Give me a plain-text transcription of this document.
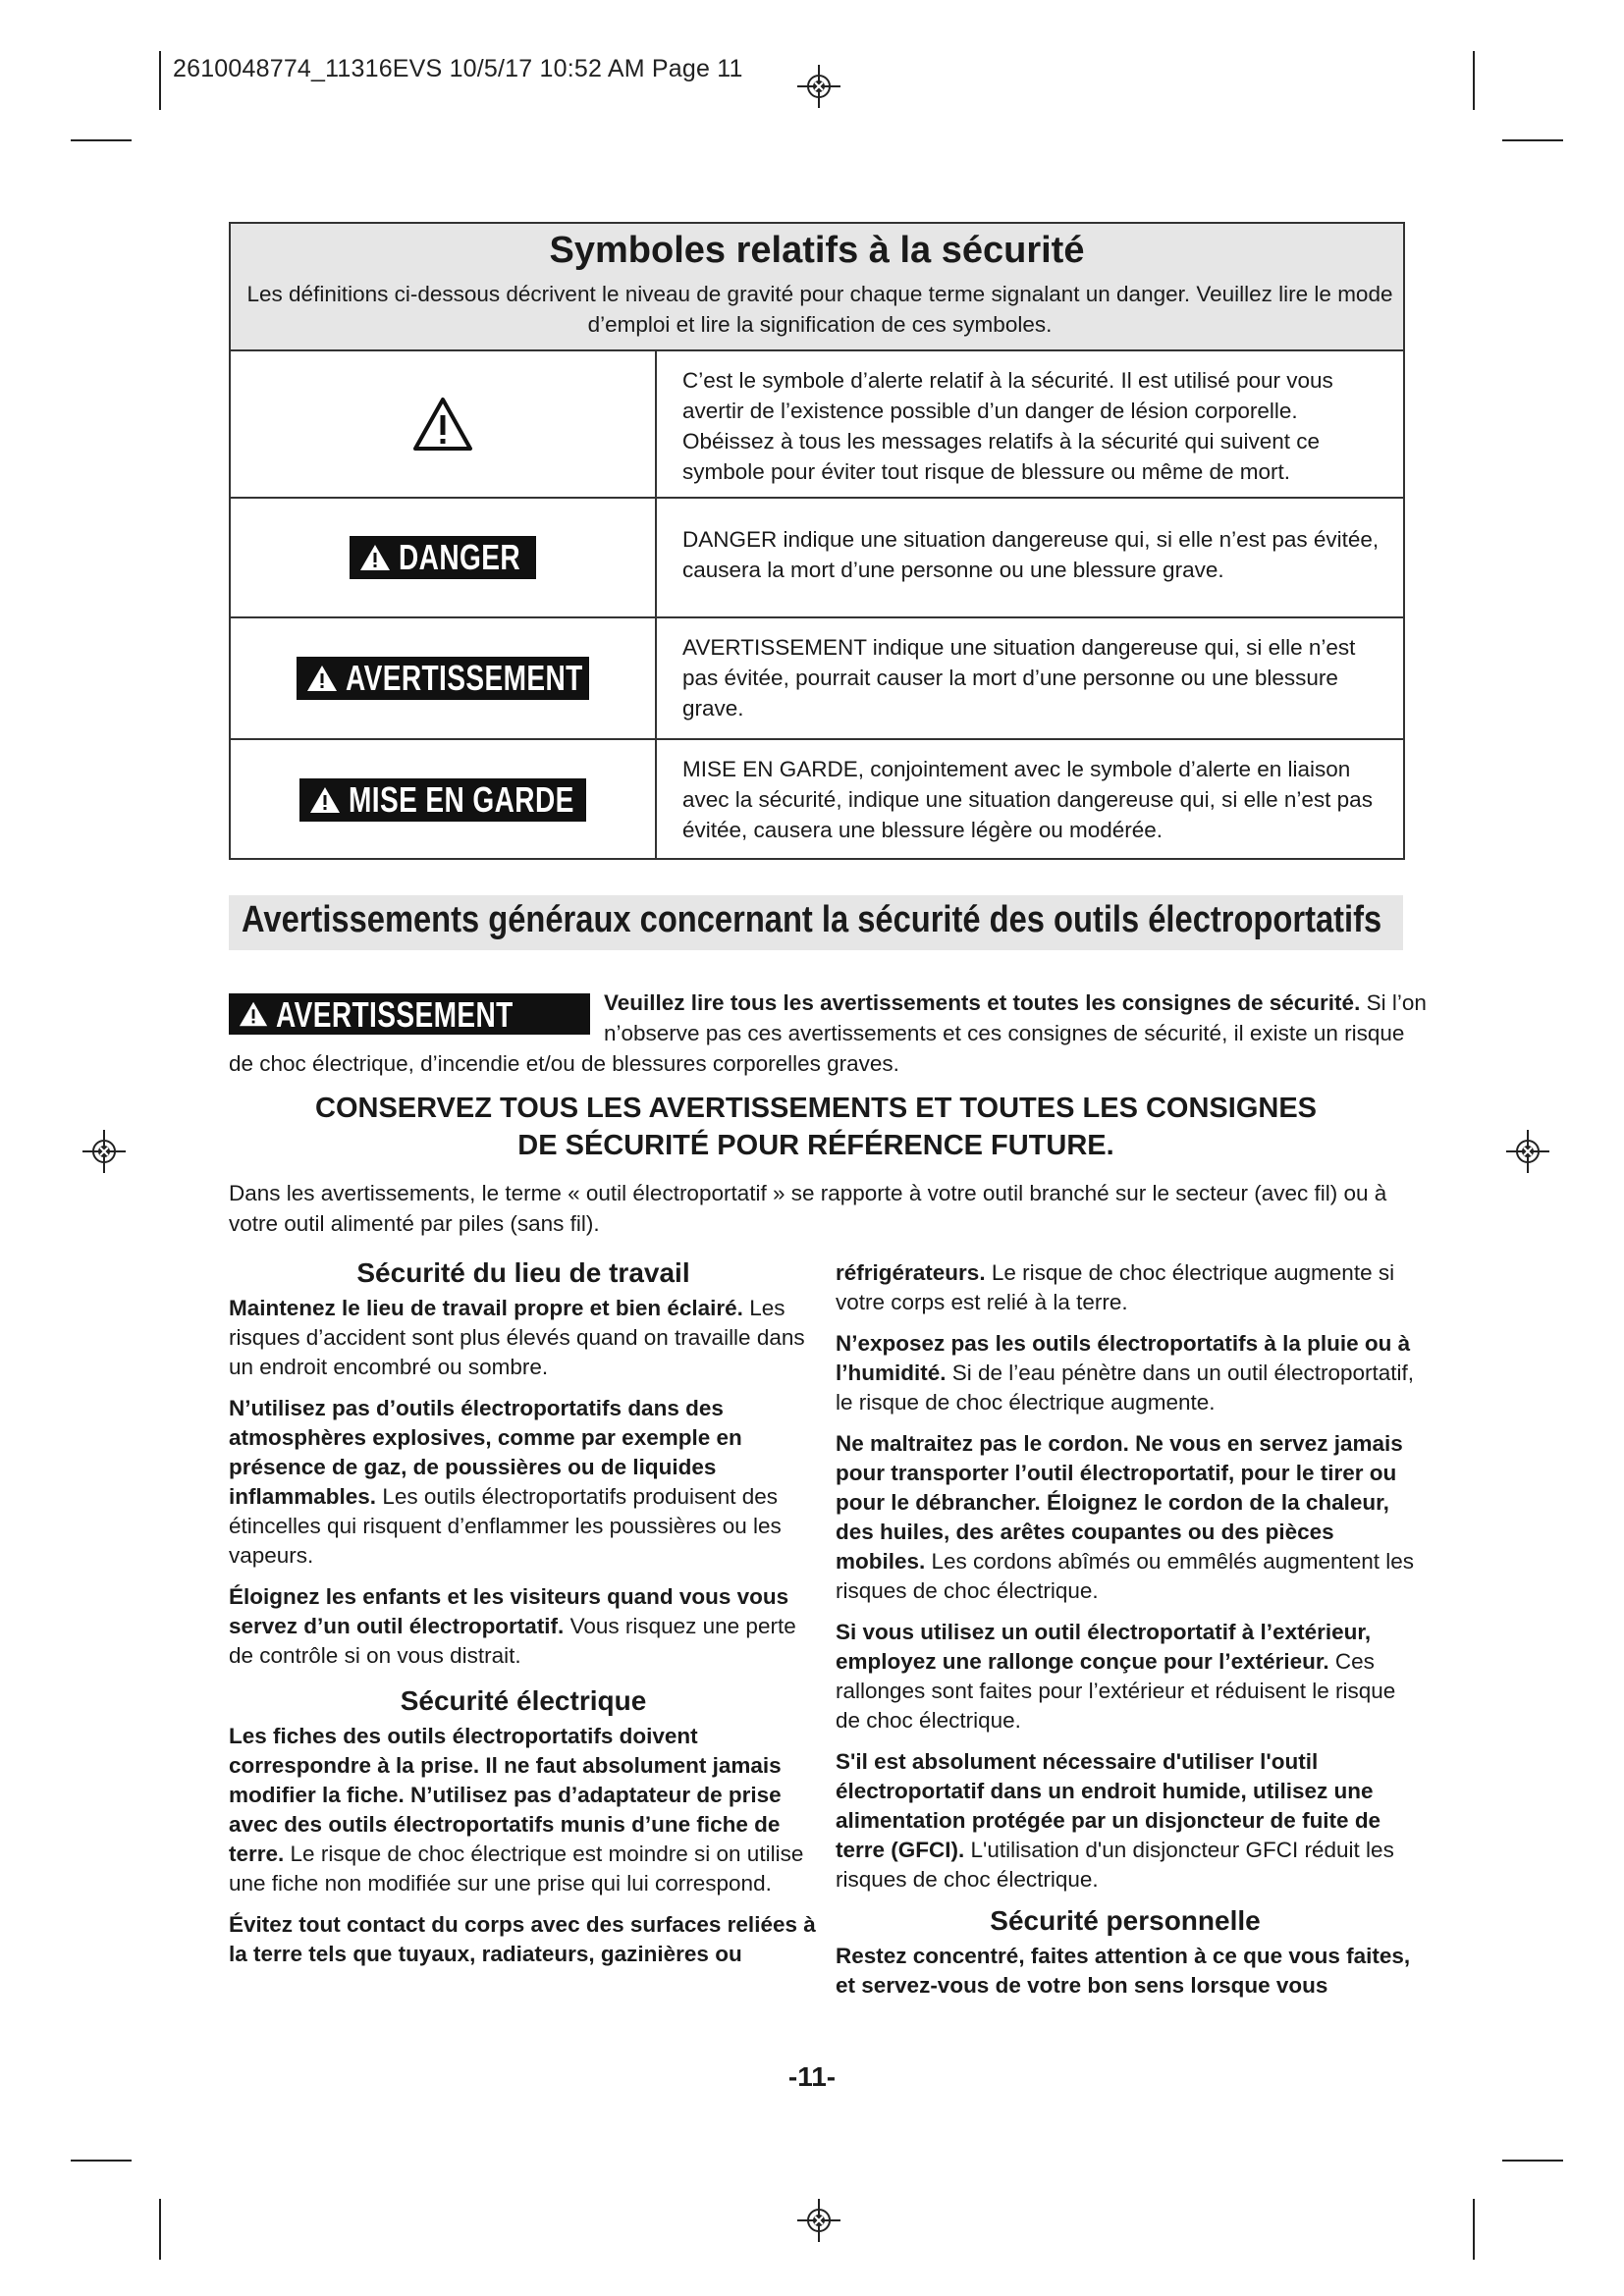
2610048774_11316EVS 10/5/17 10:52 AM Page 11
Symboles relatifs à la sécurité
Les définitions ci-dessous décrivent le niveau de gravité pour chaque terme signalant un danger. Veuillez lire le mode d’emploi et lire la signification de ces symboles.
C’est le symbole d’alerte relatif à la sécurité. Il est utilisé pour vous avertir de l’existence possible d’un danger de lésion corporelle. Obéissez à tous les messages relatifs à la sécurité qui suivent ce symbole pour éviter tout risque de blessure ou même de mort.
DANGER	DANGER indique une situation dangereuse qui, si elle n’est pas évitée, causera la mort d’une personne ou une blessure grave.
AVERTISSEMENT
AVERTISSEMENT indique une situation dangereuse qui, si elle n’est pas évitée, pourrait causer la mort d’une personne ou une blessure grave.
MISE EN GARDE
MISE EN GARDE, conjointement avec le symbole d’alerte en liaison avec la sécurité, indique une situation dangereuse qui, si elle n’est pas évitée, causera une blessure légère ou modérée.
Avertissements généraux concernant la sécurité des outils électroportatifs
AVERTISSEMENT	Veuillez lire tous les avertissements et toutes les consignes de sécurité. Si l’on n’observe pas ces avertissements et ces consignes de sécurité, il existe un risque de choc électrique, d’incendie et/ou de blessures corporelles graves.
CONSERVEZ TOUS LES AVERTISSEMENTS ET TOUTES LES CONSIGNES
DE SÉCURITÉ POUR RÉFÉRENCE FUTURE.
Dans les avertissements, le terme « outil électroportatif » se rapporte à votre outil branché sur le secteur (avec fil) ou à votre outil alimenté par piles (sans fil).
Sécurité du lieu de travail

Maintenez le lieu de travail propre et bien éclairé. Les risques d’accident sont plus élevés quand on travaille dans un endroit encombré ou sombre.

N’utilisez pas d’outils électroportatifs dans des atmosphères explosives, comme par exemple en présence de gaz, de poussières ou de liquides inflammables. Les outils électroportatifs produisent des étincelles qui risquent d’enflammer les poussières ou les vapeurs.

Éloignez les enfants et les visiteurs quand vous vous servez d’un outil électroportatif. Vous risquez une perte de contrôle si on vous distrait.

Sécurité électrique

Les fiches des outils électroportatifs doivent correspondre à la prise. Il ne faut absolument jamais modifier la fiche. N’utilisez pas d’adaptateur de prise avec des outils électroportatifs munis d’une fiche de terre. Le risque de choc électrique est moindre si on utilise une fiche non modifiée sur une prise qui lui correspond.

Évitez tout contact du corps avec des surfaces reliées à la terre tels que tuyaux, radiateurs, gazinières ou

réfrigérateurs. Le risque de choc électrique augmente si votre corps est relié à la terre.

N’exposez pas les outils électroportatifs à la pluie ou à l’humidité. Si de l’eau pénètre dans un outil électroportatif, le risque de choc électrique augmente.

Ne maltraitez pas le cordon. Ne vous en servez jamais pour transporter l’outil électroportatif, pour le tirer ou pour le débrancher. Éloignez le cordon de la chaleur, des huiles, des arêtes coupantes ou des pièces mobiles. Les cordons abîmés ou emmêlés augmentent les risques de choc électrique.

Si vous utilisez un outil électroportatif à l’extérieur, employez une rallonge conçue pour l’extérieur. Ces rallonges sont faites pour l’extérieur et réduisent le risque de choc électrique.

S'il est absolument nécessaire d'utiliser l'outil électroportatif dans un endroit humide, utilisez une alimentation protégée par un disjoncteur de fuite de terre (GFCI). L'utilisation d'un disjoncteur GFCI réduit les risques de choc électrique.

Sécurité personnelle

Restez concentré, faites attention à ce que vous faites, et servez-vous de votre bon sens lorsque vous

-11-
